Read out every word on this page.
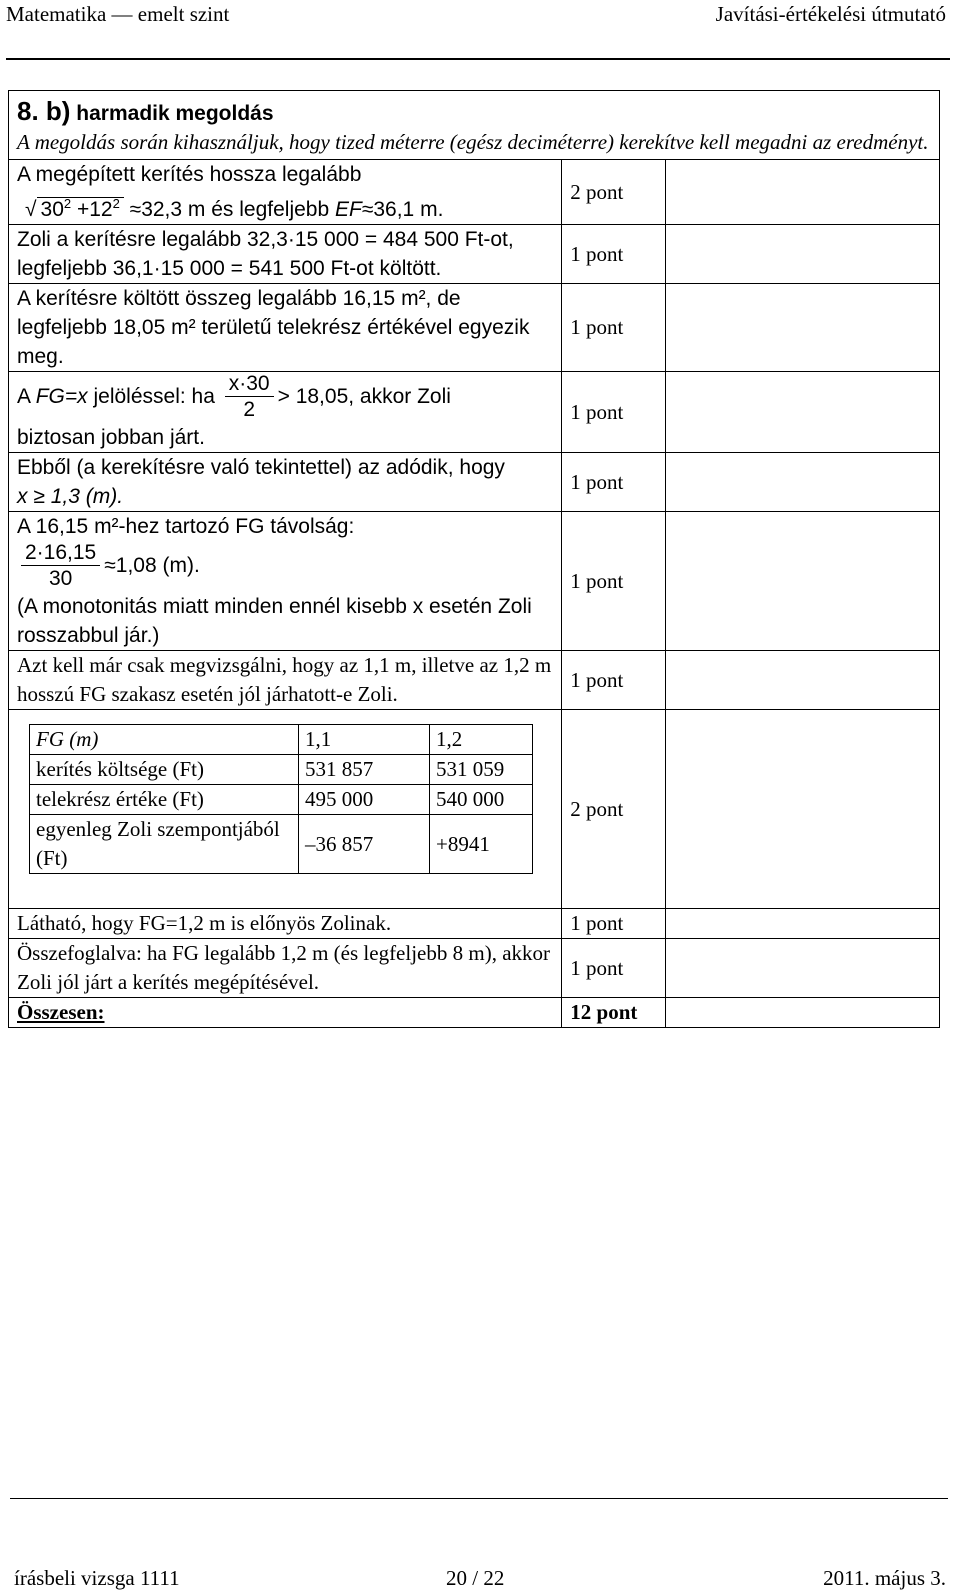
Matematika — emelt szint	Javítási-értékelési útmutató
8. b) harmadik megoldás
A megoldás során kihasználjuk, hogy tized méterre (egész deciméterre) kerekítve kell megadni az eredményt.

A megépített kerítés hossza legalább
√ $30^2 +12^2 \approx 32,3$ m és legfeljebb EF≈36,1 m.
	2 pont	

Zoli a kerítésre legalább 32,3·15 000 = 484 500 Ft-ot,
legfeljebb 36,1·15 000 = 541 500 Ft-ot költött.
	1 pont	
A kerítésre költött összeg legalább 16,15 m², de legfeljebb 18,05 m² területű telekrész értékével egyezik meg.	1 pont	

A FG=x jelöléssel: ha $\frac{x\cdot 30}{2} > 18,05$, akkor Zoli
biztosan jobban járt.
	1 pont	

Ebből (a kerekítésre való tekintettel) az adódik, hogy
x ≥ 1,3 (m).
	1 pont	

A 16,15 m²-hez tartozó FG távolság:
$\frac{2\cdot 16,15}{30} \approx 1,08$ (m).
(A monotonitás miatt minden ennél kisebb x esetén Zoli rosszabbul jár.)
	1 pont	
Azt kell már csak megvizsgálni, hogy az 1,1 m, illetve az 1,2 m hosszú FG szakasz esetén jól járhatott-e Zoli.	1 pont	

FG (m)	1,1	1,2
kerítés költsége (Ft)	531 857	531 059
telekrész értéke (Ft)	495 000	540 000
egyenleg Zoli szempontjából (Ft)	–36 857	+8941
	2 pont	
Látható, hogy FG=1,2 m is előnyös Zolinak.	1 pont	
Összefoglalva: ha FG legalább 1,2 m (és legfeljebb 8 m), akkor Zoli jól járt a kerítés megépítésével.	1 pont	
Összesen:	12 pont	
írásbeli vizsga 1111	20 / 22	2011. május 3.
